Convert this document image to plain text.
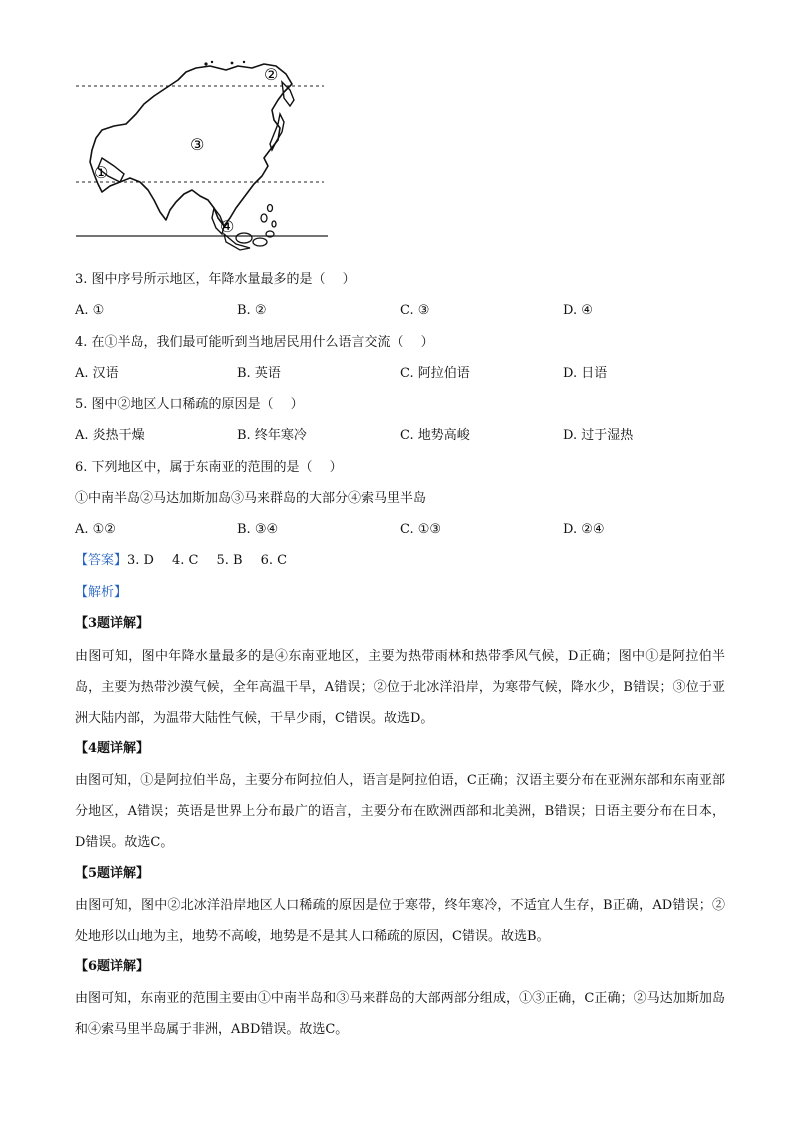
②
③
①
④
3. 图中序号所示地区，年降水量最多的是（　 ）
A. ①	B. ②	C. ③	D. ④
4. 在①半岛，我们最可能听到当地居民用什么语言交流（　 ）
A. 汉语	B. 英语	C. 阿拉伯语	D. 日语
5. 图中②地区人口稀疏的原因是（　 ）
A. 炎热干燥	B. 终年寒冷	C. 地势高峻	D. 过于湿热
6. 下列地区中，属于东南亚的范围的是（　 ）
①中南半岛②马达加斯加岛③马来群岛的大部分④索马里半岛
A. ①②	B. ③④	C. ①③	D. ②④
【答案】3. D 4. C 5. B 6. C
【解析】
【3题详解】
由图可知，图中年降水量最多的是④东南亚地区，主要为热带雨林和热带季风气候，D正确；图中①是阿拉伯半岛，主要为热带沙漠气候，全年高温干旱，A错误；②位于北冰洋沿岸，为寒带气候，降水少，B错误；③位于亚洲大陆内部，为温带大陆性气候，干旱少雨，C错误。故选D。
【4题详解】
由图可知，①是阿拉伯半岛，主要分布阿拉伯人，语言是阿拉伯语，C正确；汉语主要分布在亚洲东部和东南亚部分地区，A错误；英语是世界上分布最广的语言，主要分布在欧洲西部和北美洲，B错误；日语主要分布在日本，D错误。故选C。
【5题详解】
由图可知，图中②北冰洋沿岸地区人口稀疏的原因是位于寒带，终年寒冷，不适宜人生存，B正确，AD错误；②处地形以山地为主，地势不高峻，地势是不是其人口稀疏的原因，C错误。故选B。
【6题详解】
由图可知，东南亚的范围主要由①中南半岛和③马来群岛的大部两部分组成，①③正确，C正确；②马达加斯加岛和④索马里半岛属于非洲，ABD错误。故选C。
